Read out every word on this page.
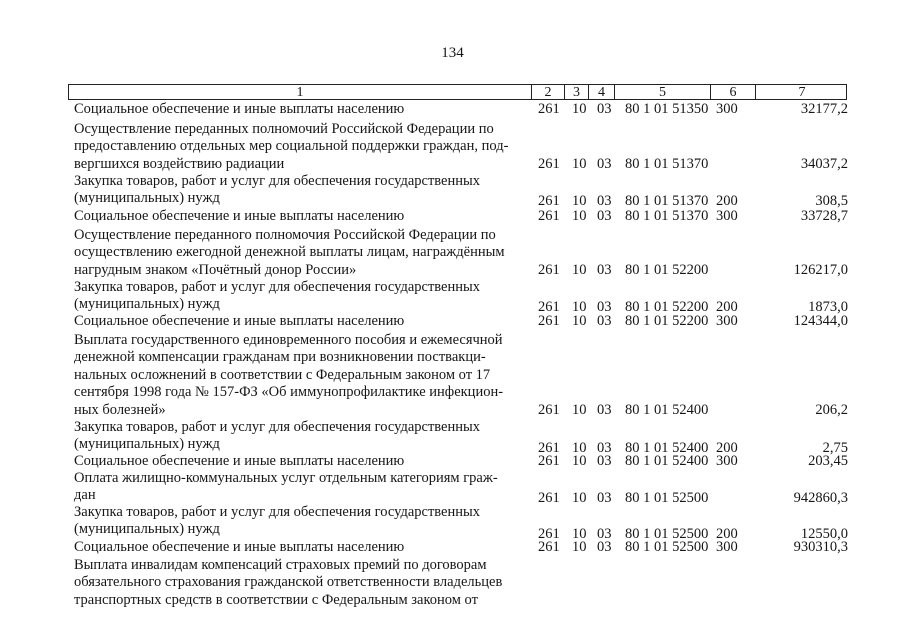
134
1	2	3	4	5	6	7
Социальное обеспечение и иные выплаты населению	261 10 03 80 1 01 51350 300	32177,2
Осуществление переданных полномочий Российской Федерации по
предоставлению отдельных мер социальной поддержки граждан, под-
вергшихся воздействию радиации	261 10 03 80 1 01 51370	34037,2
Закупка товаров, работ и услуг для обеспечения государственных
(муниципальных) нужд	261 10 03 80 1 01 51370 200	308,5
Социальное обеспечение и иные выплаты населению	261 10 03 80 1 01 51370 300	33728,7
Осуществление переданного полномочия Российской Федерации по
осуществлению ежегодной денежной выплаты лицам, награждённым
нагрудным знаком «Почётный донор России»	261 10 03 80 1 01 52200	126217,0
Закупка товаров, работ и услуг для обеспечения государственных
(муниципальных) нужд	261 10 03 80 1 01 52200 200	1873,0
Социальное обеспечение и иные выплаты населению	261 10 03 80 1 01 52200 300	124344,0
Выплата государственного единовременного пособия и ежемесячной
денежной компенсации гражданам при возникновении поствакци-
нальных осложнений в соответствии с Федеральным законом от 17
сентября 1998 года № 157-ФЗ «Об иммунопрофилактике инфекцион-
ных болезней»	261 10 03 80 1 01 52400	206,2
Закупка товаров, работ и услуг для обеспечения государственных
(муниципальных) нужд	261 10 03 80 1 01 52400 200	2,75
Социальное обеспечение и иные выплаты населению	261 10 03 80 1 01 52400 300	203,45
Оплата жилищно-коммунальных услуг отдельным категориям граж-
дан	261 10 03 80 1 01 52500	942860,3
Закупка товаров, работ и услуг для обеспечения государственных
(муниципальных) нужд	261 10 03 80 1 01 52500 200	12550,0
Социальное обеспечение и иные выплаты населению	261 10 03 80 1 01 52500 300	930310,3
Выплата инвалидам компенсаций страховых премий по договорам
обязательного страхования гражданской ответственности владельцев
транспортных средств в соответствии с Федеральным законом от
